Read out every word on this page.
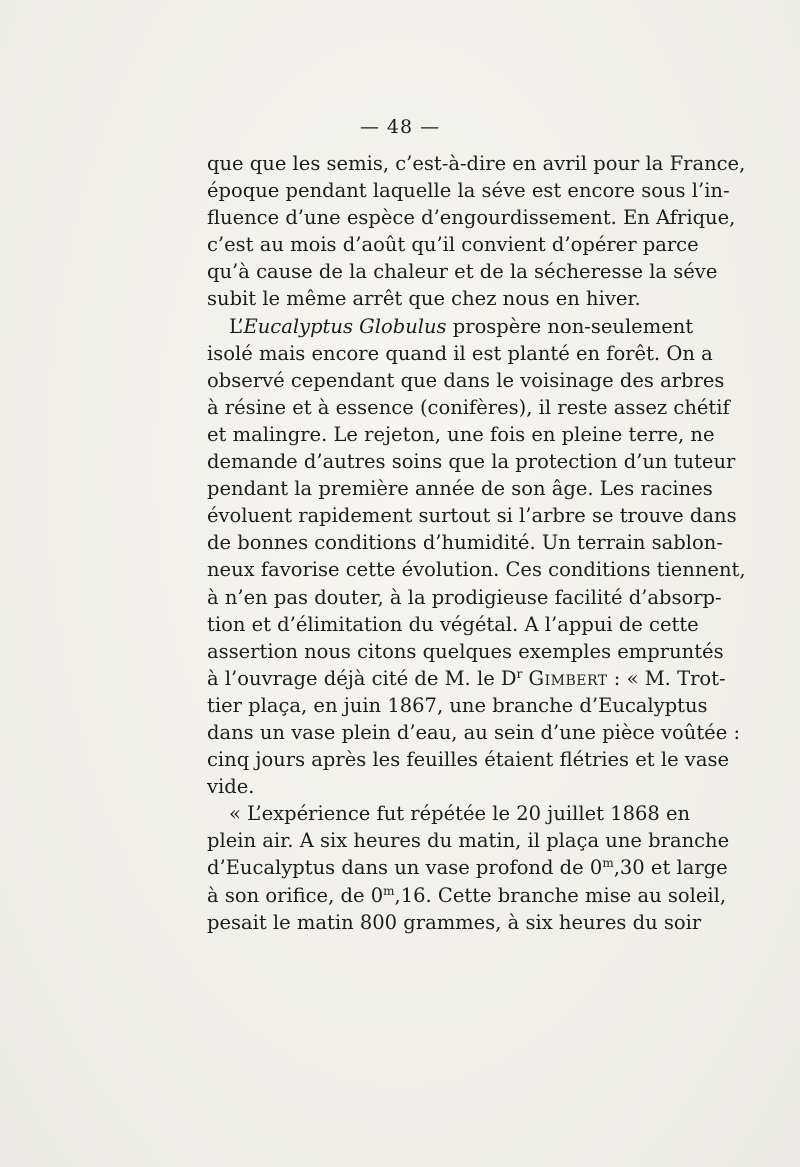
— 48 —
que que les semis, c’est-à-dire en avril pour la France,
époque pendant laquelle la séve est encore sous l’in-
fluence d’une espèce d’engourdissement. En Afrique,
c’est au mois d’août qu’il convient d’opérer parce
qu’à cause de la chaleur et de la sécheresse la séve
subit le même arrêt que chez nous en hiver.
L’Eucalyptus Globulus prospère non-seulement
isolé mais encore quand il est planté en forêt. On a
observé cependant que dans le voisinage des arbres
à résine et à essence (conifères), il reste assez chétif
et malingre. Le rejeton, une fois en pleine terre, ne
demande d’autres soins que la protection d’un tuteur
pendant la première année de son âge. Les racines
évoluent rapidement surtout si l’arbre se trouve dans
de bonnes conditions d’humidité. Un terrain sablon-
neux favorise cette évolution. Ces conditions tiennent,
à n’en pas douter, à la prodigieuse facilité d’absorp-
tion et d’élimitation du végétal. A l’appui de cette
assertion nous citons quelques exemples empruntés
à l’ouvrage déjà cité de M. le $D^r$ Gimbert : « M. Trot-
tier plaça, en juin 1867, une branche d’Eucalyptus
dans un vase plein d’eau, au sein d’une pièce voûtée :
cinq jours après les feuilles étaient flétries et le vase
vide.
« L’expérience fut répétée le 20 juillet 1868 en
plein air. A six heures du matin, il plaça une branche
d’Eucalyptus dans un vase profond de 0$^m$,30 et large
à son orifice, de 0$^m$,16. Cette branche mise au soleil,
pesait le matin 800 grammes, à six heures du soir
